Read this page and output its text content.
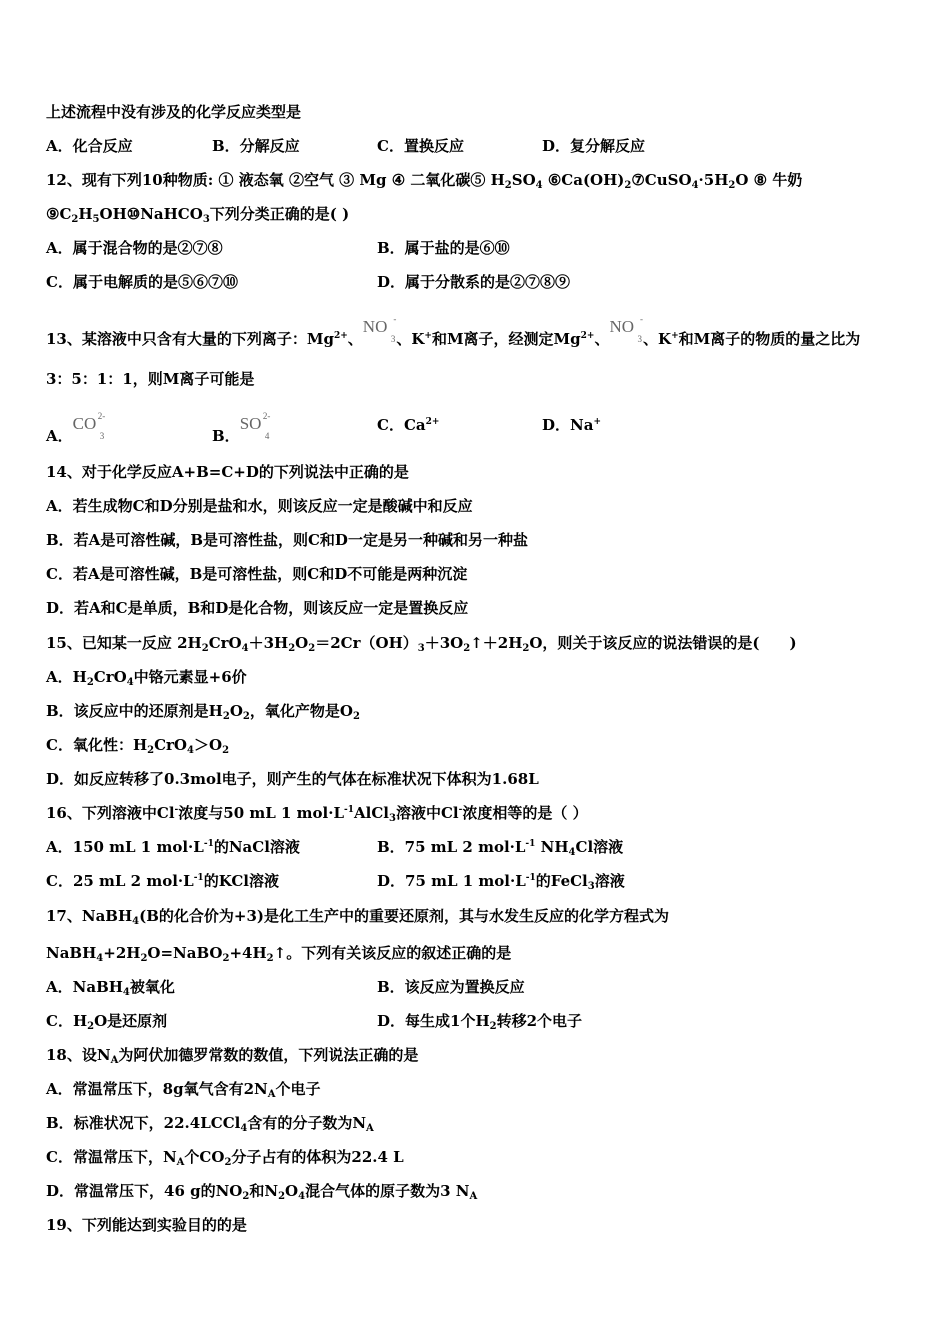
上述流程中没有涉及的化学反应类型是
A．化合反应	B．分解反应	C．置换反应	D．复分解反应
12、现有下列10种物质: ① 液态氧 ②空气 ③ Mg ④ 二氧化碳⑤ $H_2SO_4$ $⑥Ca(OH)_2⑦CuSO_4\cdot 5H_2O$ ⑧ 牛奶
$⑨C_2H_5OH⑩NaHCO_3$下列分类正确的是( )
A．属于混合物的是②⑦⑧	B．属于盐的是⑥⑩
C．属于电解质的是⑤⑥⑦⑩	D．属于分散系的是②⑦⑧⑨
13、某溶液中只含有大量的下列离子：$Mg^{2+}$、NO -
3 、K+和M离子，经测定$Mg^{2+}$、NO -
3 、K+和M离子的物质的量之比为
3：5：1：1，则M离子可能是
A．CO 2-
3	B．SO 2-
4
C．$Ca^{2+}$	D．Na+
14、对于化学反应A+B=C+D的下列说法中正确的是
A．若生成物C和D分别是盐和水，则该反应一定是酸碱中和反应
B．若A是可溶性碱，B是可溶性盐，则C和D一定是另一种碱和另一种盐
C．若A是可溶性碱，B是可溶性盐，则C和D不可能是两种沉淀
D．若A和C是单质，B和D是化合物，则该反应一定是置换反应
15、已知某一反应 $2H_2CrO_4+3H_2O_2=2Cr(OH)_3+3O_2↑+2H_2O$，则关于该反应的说法错误的是(　　)
A．$H_2CrO_4$中铬元素显+6价
B．该反应中的还原剂是$H_2O_2$，氧化产物是$O_2$
C．氧化性：$H_2CrO_4>O_2$
D．如反应转移了0.3mol电子，则产生的气体在标准状况下体积为1.68L
16、下列溶液中Cl-浓度与50 mL 1 $mol\cdot L^{-1}AlCl_3$溶液中Cl-浓度相等的是（ ）
A．150 mL 1 $mol\cdot L^{-1}$的NaCl溶液	B．75 mL 2 $mol\cdot L^{-1}$ $NH_4Cl$溶液
C．25 mL 2 $mol\cdot L^{-1}$的KCl溶液	D．75 mL 1 $mol\cdot L^{-1}$的FeCl$_3$溶液
17、NaBH$_4$(B的化合价为+3)是化工生产中的重要还原剂，其与水发生反应的化学方程式为
$NaBH_4+2H_2O=NaBO_2+4H_2↑$。下列有关该反应的叙述正确的是
A．NaBH$_4$被氧化	B．该反应为置换反应
C．$H_2O$是还原剂	D．每生成1个$H_2$转移2个电子
18、设$N_A$为阿伏加德罗常数的数值，下列说法正确的是
A．常温常压下，8g氧气含有$2N_A$个电子
B．标准状况下，22.4LCCl$_4$含有的分子数为$N_A$
C．常温常压下，$N_A$个$CO_2$分子占有的体积为22.4 L
D．常温常压下，46 g的$NO_2$和$N_2O_4$混合气体的原子数为3 $N_A$
19、下列能达到实验目的的是
